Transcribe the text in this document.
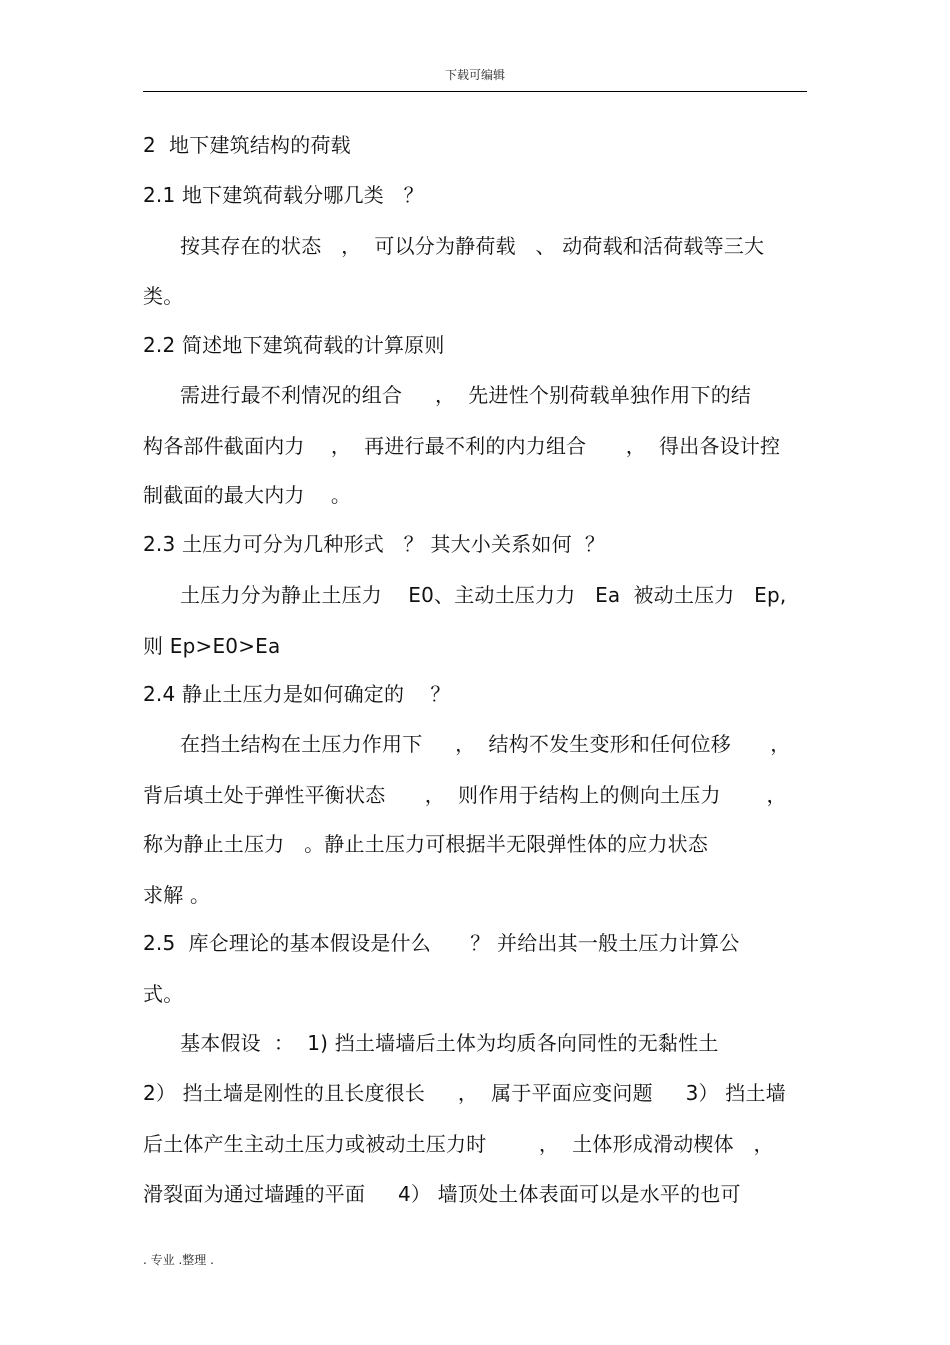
下载可编辑
2  地下建筑结构的荷载
2.1 地下建筑荷载分哪几类   ？
按其存在的状态   ，  可以分为静荷载   、 动荷载和活荷载等三大
类。
2.2 简述地下建筑荷载的计算原则
需进行最不利情况的组合     ，  先进性个别荷载单独作用下的结
构各部件截面内力    ，  再进行最不利的内力组合      ，  得出各设计控
制截面的最大内力    。
2.3 土压力可分为几种形式   ？ 其大小关系如何  ？
土压力分为静止土压力    E0、主动土压力力   Ea  被动土压力   Ep,
则 Ep>E0>Ea
2.4 静止土压力是如何确定的    ？
在挡土结构在土压力作用下     ，  结构不发生变形和任何位移      ，
背后填土处于弹性平衡状态      ，  则作用于结构上的侧向土压力       ，
称为静止土压力   。静止土压力可根据半无限弹性体的应力状态
求解 。
2.5  库仑理论的基本假设是什么      ？ 并给出其一般土压力计算公
式。
基本假设  ：  1) 挡土墙墙后土体为均质各向同性的无黏性土
2） 挡土墙是刚性的且长度很长     ，  属于平面应变问题     3） 挡土墙
后土体产生主动土压力或被动土压力时        ，  土体形成滑动楔体   ，
滑裂面为通过墙踵的平面     4） 墙顶处土体表面可以是水平的也可
. 专业 .整理 .
